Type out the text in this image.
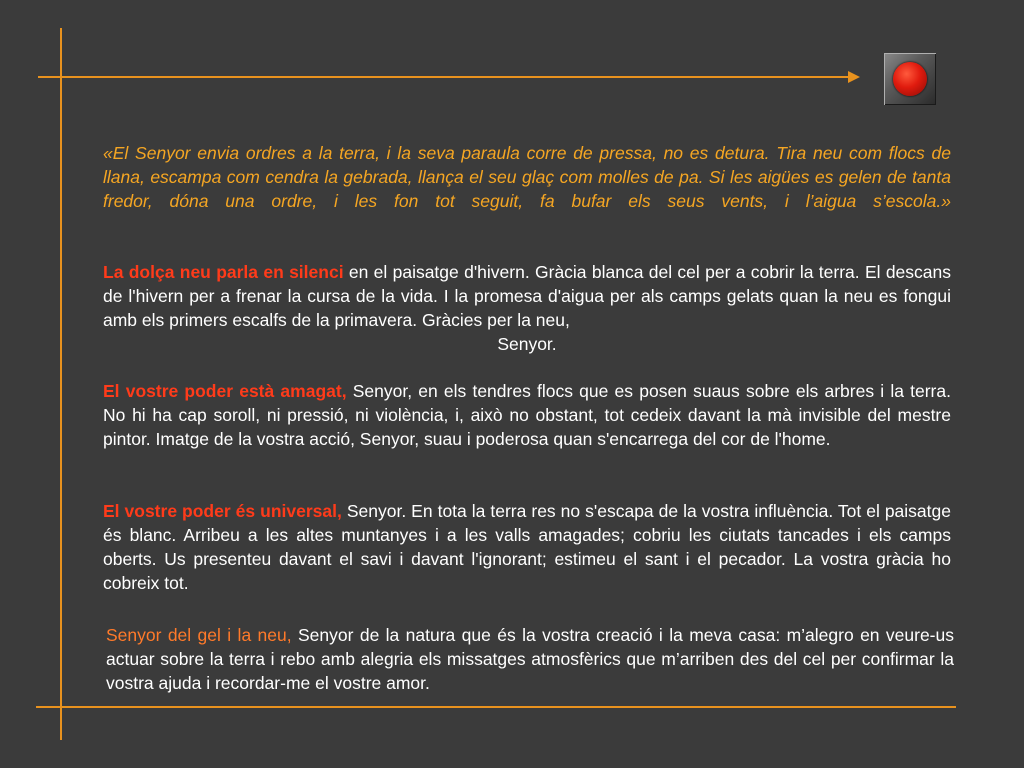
«El Senyor envia ordres a la terra, i la seva paraula corre de pressa, no es detura. Tira neu com flocs de llana, escampa com cendra la gebrada, llança el seu glaç com molles de pa. Si les aigües es gelen de tanta fredor, dóna una ordre, i les fon tot seguit, fa bufar els seus vents, i l’aigua s’escola.»
La dolça neu parla en silenci en el paisatge d'hivern. Gràcia blanca del cel per a cobrir la terra. El descans de l'hivern per a frenar la cursa de la vida. I la promesa d'aigua per als camps gelats quan la neu es fongui amb els primers escalfs de la primavera. Gràcies per la neu,
Senyor.
El vostre poder està amagat, Senyor, en els tendres flocs que es posen suaus sobre els arbres i la terra. No hi ha cap soroll, ni pressió, ni violència, i, això no obstant, tot cedeix davant la mà invisible del mestre pintor. Imatge de la vostra acció, Senyor, suau i poderosa quan s'encarrega del cor de l'home.
El vostre poder és universal, Senyor. En tota la terra res no s'escapa de la vostra influència. Tot el paisatge és blanc. Arribeu a les altes muntanyes i a les valls amagades; cobriu les ciutats tancades i els camps oberts. Us presenteu davant el savi i davant l'ignorant; estimeu el sant i el pecador. La vostra gràcia ho cobreix tot.
Senyor del gel i la neu, Senyor de la natura que és la vostra creació i la meva casa: m’alegro en veure-us actuar sobre la terra i rebo amb alegria els missatges atmosfèrics que m’arriben des del cel per confirmar la vostra ajuda i recordar-me el vostre amor.
